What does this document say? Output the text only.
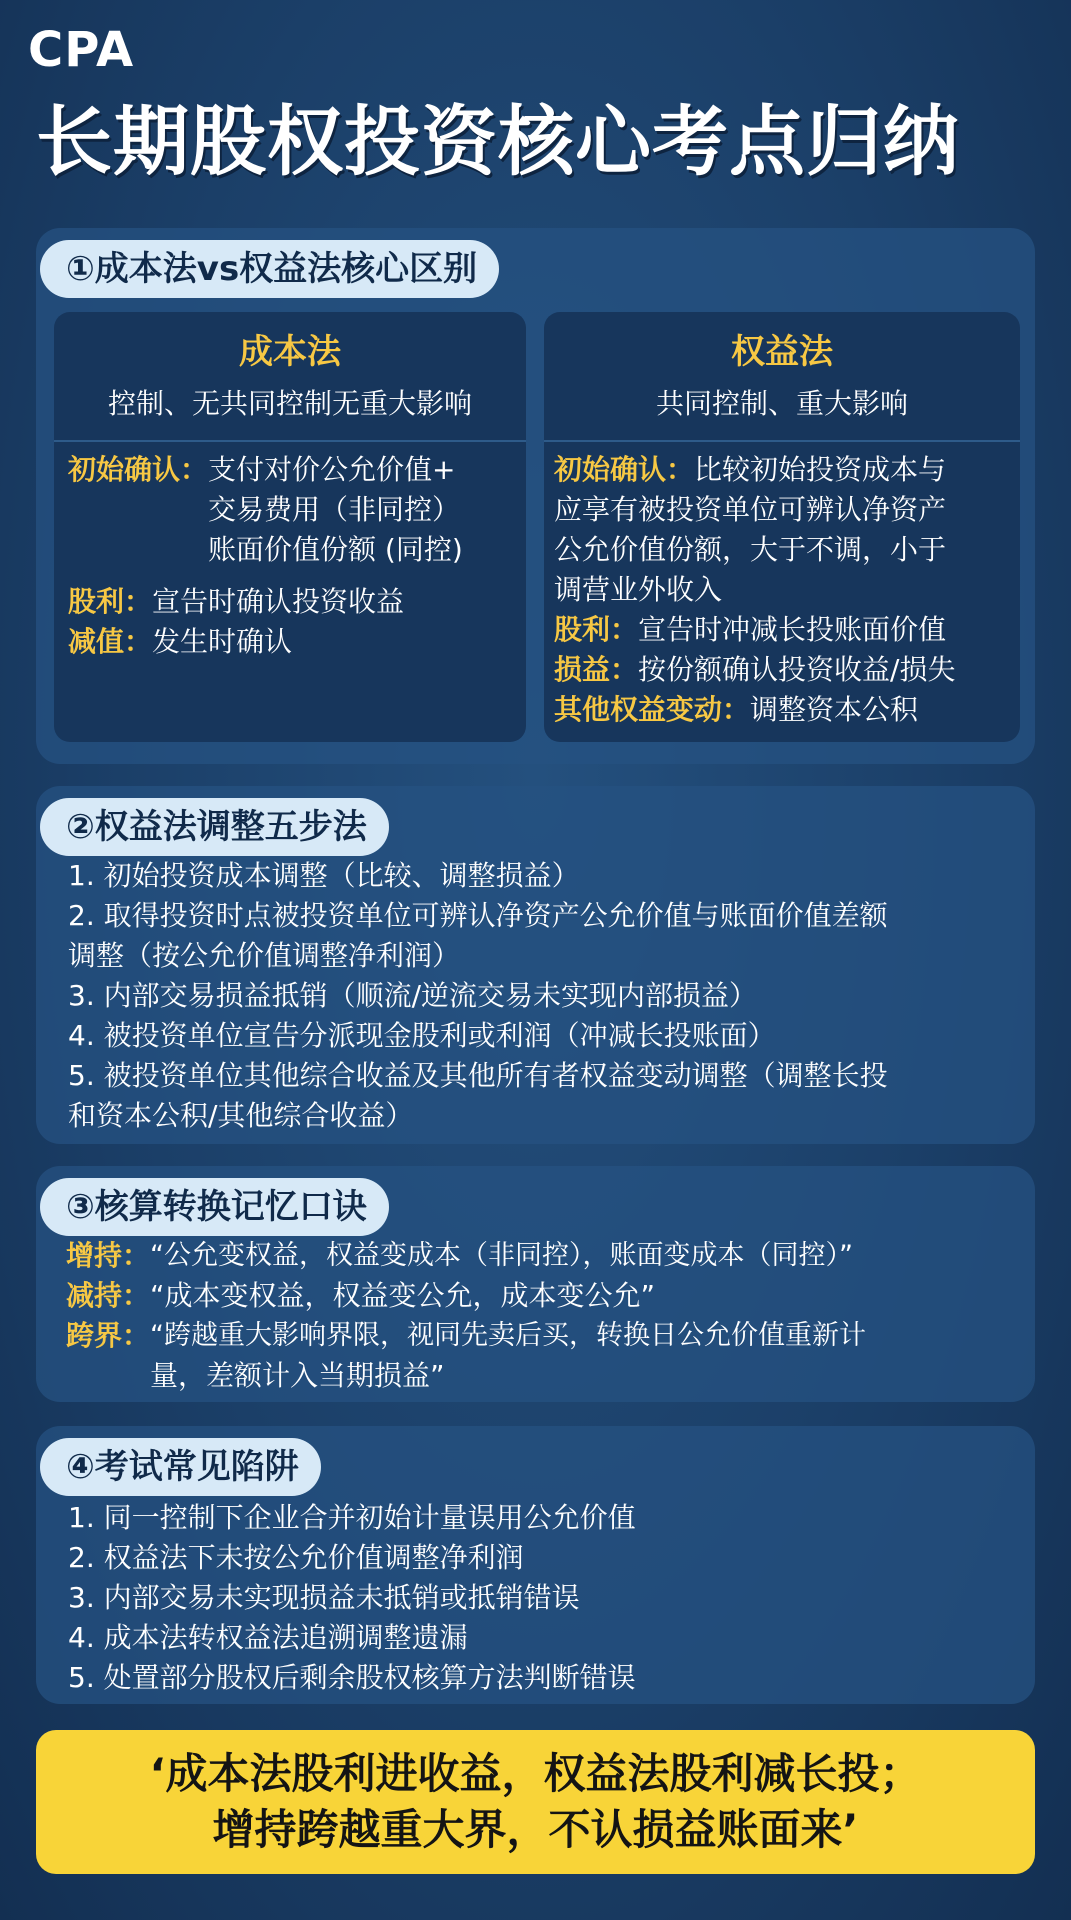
CPA
长期股权投资核心考点归纳
①成本法vs权益法核心区别
成本法
控制、无共同控制无重大影响
初始确认： 支付对价公允价值+
交易费用（非同控）
账面价值份额 (同控)
股利： 宣告时确认投资收益
减值： 发生时确认
权益法
共同控制、重大影响
初始确认：比较初始投资成本与
应享有被投资单位可辨认净资产
公允价值份额，大于不调，小于
调营业外收入
股利：宣告时冲减长投账面价值
损益：按份额确认投资收益/损失
其他权益变动：调整资本公积
②权益法调整五步法
1. 初始投资成本调整（比较、调整损益）
2. 取得投资时点被投资单位可辨认净资产公允价值与账面价值差额
调整（按公允价值调整净利润）
3. 内部交易损益抵销（顺流/逆流交易未实现内部损益）
4. 被投资单位宣告分派现金股利或利润（冲减长投账面）
5. 被投资单位其他综合收益及其他所有者权益变动调整（调整长投
和资本公积/其他综合收益）
③核算转换记忆口诀
增持： “公允变权益，权益变成本（非同控），账面变成本（同控）”
减持： “成本变权益，权益变公允，成本变公允”
跨界： “跨越重大影响界限，视同先卖后买，转换日公允价值重新计
量，差额计入当期损益”
④考试常见陷阱
1. 同一控制下企业合并初始计量误用公允价值
2. 权益法下未按公允价值调整净利润
3. 内部交易未实现损益未抵销或抵销错误
4. 成本法转权益法追溯调整遗漏
5. 处置部分股权后剩余股权核算方法判断错误
‘成本法股利进收益，权益法股利减长投；
增持跨越重大界，不认损益账面来’
